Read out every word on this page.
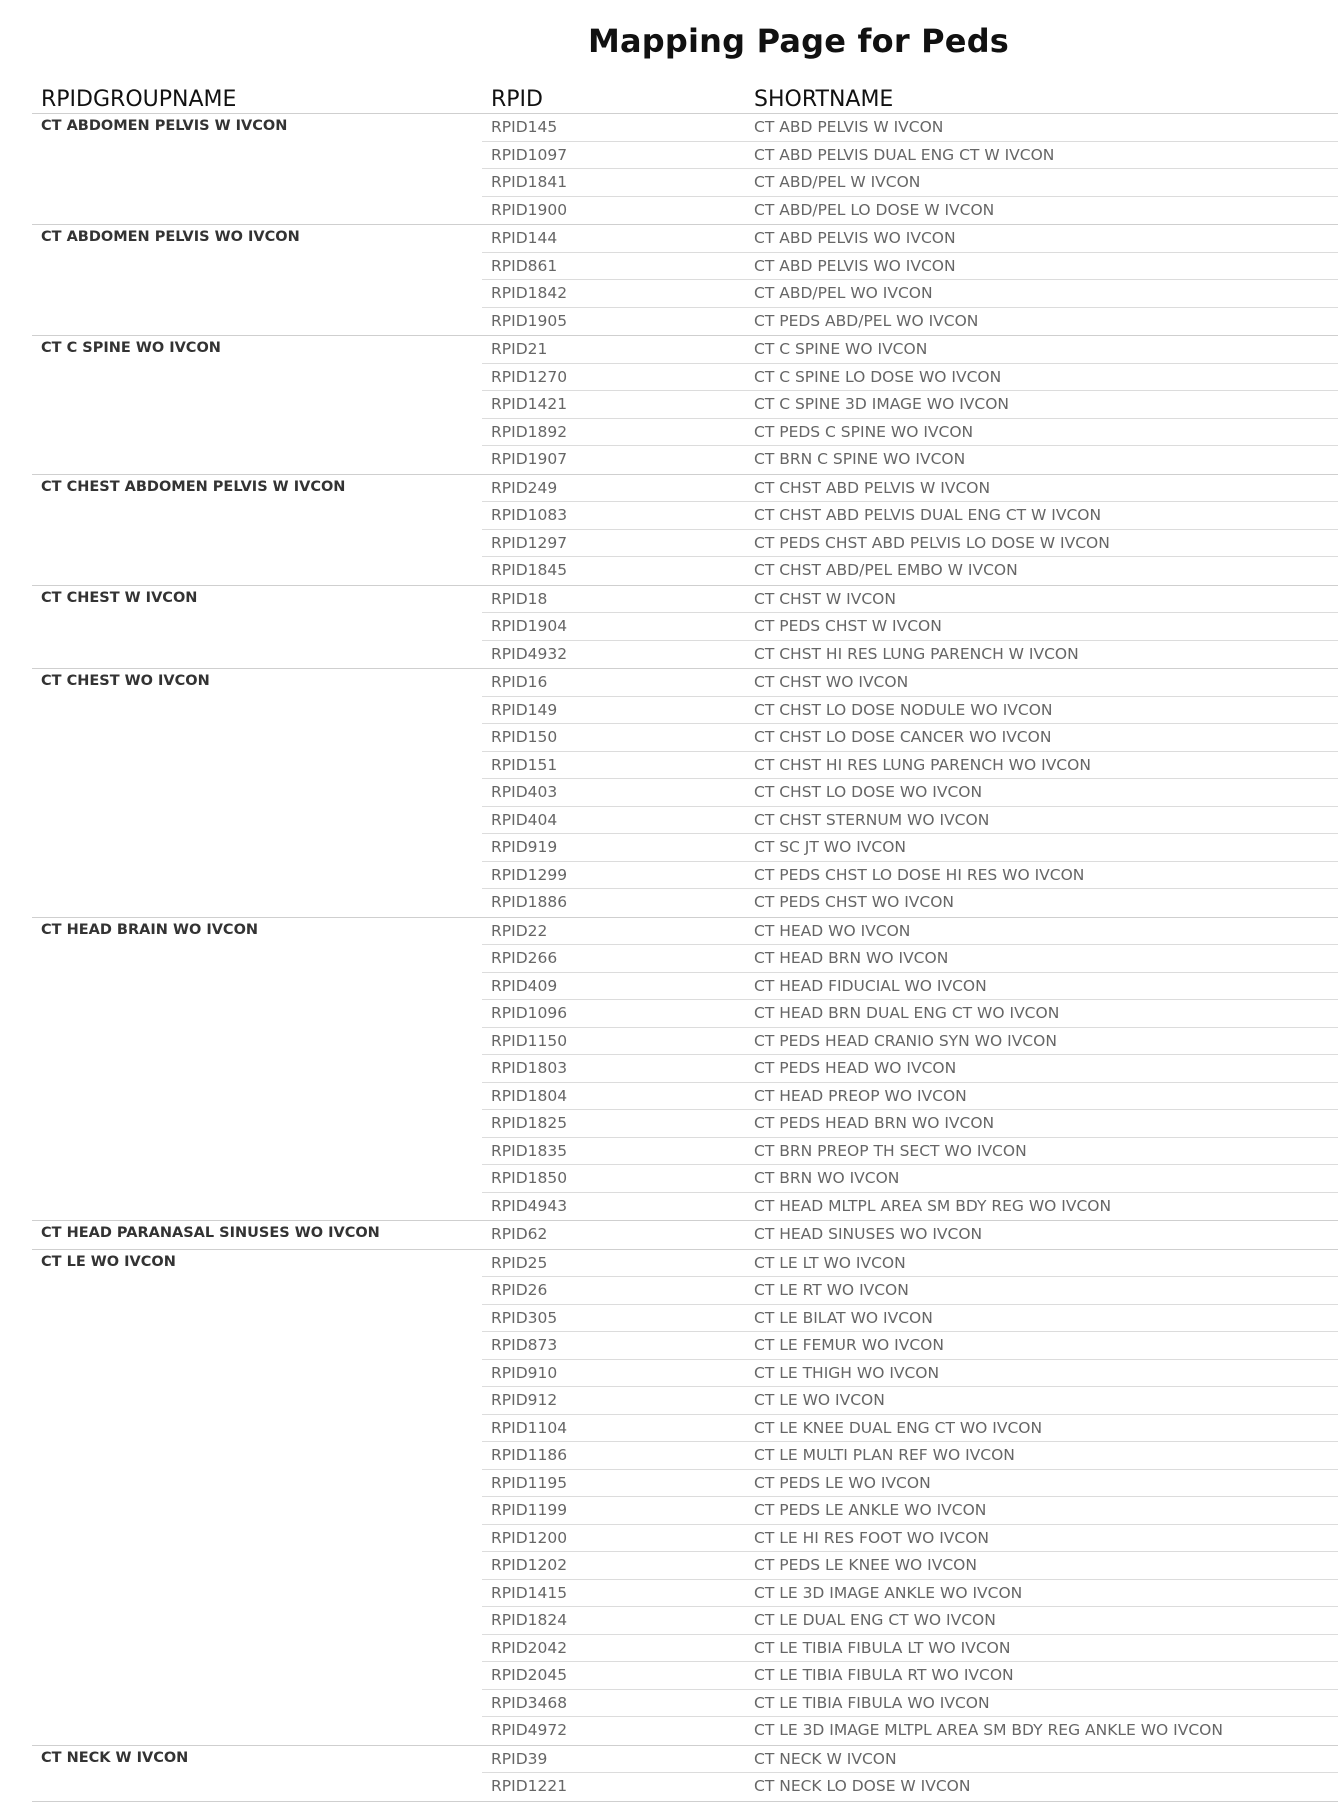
Mapping Page for Peds
RPIDGROUPNAME	RPID	SHORTNAME
CT ABDOMEN PELVIS W IVCON	RPID145	CT ABD PELVIS W IVCON
RPID1097	CT ABD PELVIS DUAL ENG CT W IVCON
RPID1841	CT ABD/PEL W IVCON
RPID1900	CT ABD/PEL LO DOSE W IVCON
CT ABDOMEN PELVIS WO IVCON	RPID144	CT ABD PELVIS WO IVCON
RPID861	CT ABD PELVIS WO IVCON
RPID1842	CT ABD/PEL WO IVCON
RPID1905	CT PEDS ABD/PEL WO IVCON
CT C SPINE WO IVCON	RPID21	CT C SPINE WO IVCON
RPID1270	CT C SPINE LO DOSE WO IVCON
RPID1421	CT C SPINE 3D IMAGE WO IVCON
RPID1892	CT PEDS C SPINE WO IVCON
RPID1907	CT BRN C SPINE WO IVCON
CT CHEST ABDOMEN PELVIS W IVCON	RPID249	CT CHST ABD PELVIS W IVCON
RPID1083	CT CHST ABD PELVIS DUAL ENG CT W IVCON
RPID1297	CT PEDS CHST ABD PELVIS LO DOSE W IVCON
RPID1845	CT CHST ABD/PEL EMBO W IVCON
CT CHEST W IVCON	RPID18	CT CHST W IVCON
RPID1904	CT PEDS CHST W IVCON
RPID4932	CT CHST HI RES LUNG PARENCH W IVCON
CT CHEST WO IVCON	RPID16	CT CHST WO IVCON
RPID149	CT CHST LO DOSE NODULE WO IVCON
RPID150	CT CHST LO DOSE CANCER WO IVCON
RPID151	CT CHST HI RES LUNG PARENCH WO IVCON
RPID403	CT CHST LO DOSE WO IVCON
RPID404	CT CHST STERNUM WO IVCON
RPID919	CT SC JT WO IVCON
RPID1299	CT PEDS CHST LO DOSE HI RES WO IVCON
RPID1886	CT PEDS CHST WO IVCON
CT HEAD BRAIN WO IVCON	RPID22	CT HEAD WO IVCON
RPID266	CT HEAD BRN WO IVCON
RPID409	CT HEAD FIDUCIAL WO IVCON
RPID1096	CT HEAD BRN DUAL ENG CT WO IVCON
RPID1150	CT PEDS HEAD CRANIO SYN WO IVCON
RPID1803	CT PEDS HEAD WO IVCON
RPID1804	CT HEAD PREOP WO IVCON
RPID1825	CT PEDS HEAD BRN WO IVCON
RPID1835	CT BRN PREOP TH SECT WO IVCON
RPID1850	CT BRN WO IVCON
RPID4943	CT HEAD MLTPL AREA SM BDY REG WO IVCON
CT HEAD PARANASAL SINUSES WO IVCON	RPID62	CT HEAD SINUSES WO IVCON
CT LE WO IVCON	RPID25	CT LE LT WO IVCON
RPID26	CT LE RT WO IVCON
RPID305	CT LE BILAT WO IVCON
RPID873	CT LE FEMUR WO IVCON
RPID910	CT LE THIGH WO IVCON
RPID912	CT LE WO IVCON
RPID1104	CT LE KNEE DUAL ENG CT WO IVCON
RPID1186	CT LE MULTI PLAN REF WO IVCON
RPID1195	CT PEDS LE WO IVCON
RPID1199	CT PEDS LE ANKLE WO IVCON
RPID1200	CT LE HI RES FOOT WO IVCON
RPID1202	CT PEDS LE KNEE WO IVCON
RPID1415	CT LE 3D IMAGE ANKLE WO IVCON
RPID1824	CT LE DUAL ENG CT WO IVCON
RPID2042	CT LE TIBIA FIBULA LT WO IVCON
RPID2045	CT LE TIBIA FIBULA RT WO IVCON
RPID3468	CT LE TIBIA FIBULA WO IVCON
RPID4972	CT LE 3D IMAGE MLTPL AREA SM BDY REG ANKLE WO IVCON
CT NECK W IVCON	RPID39	CT NECK W IVCON
RPID1221	CT NECK LO DOSE W IVCON
